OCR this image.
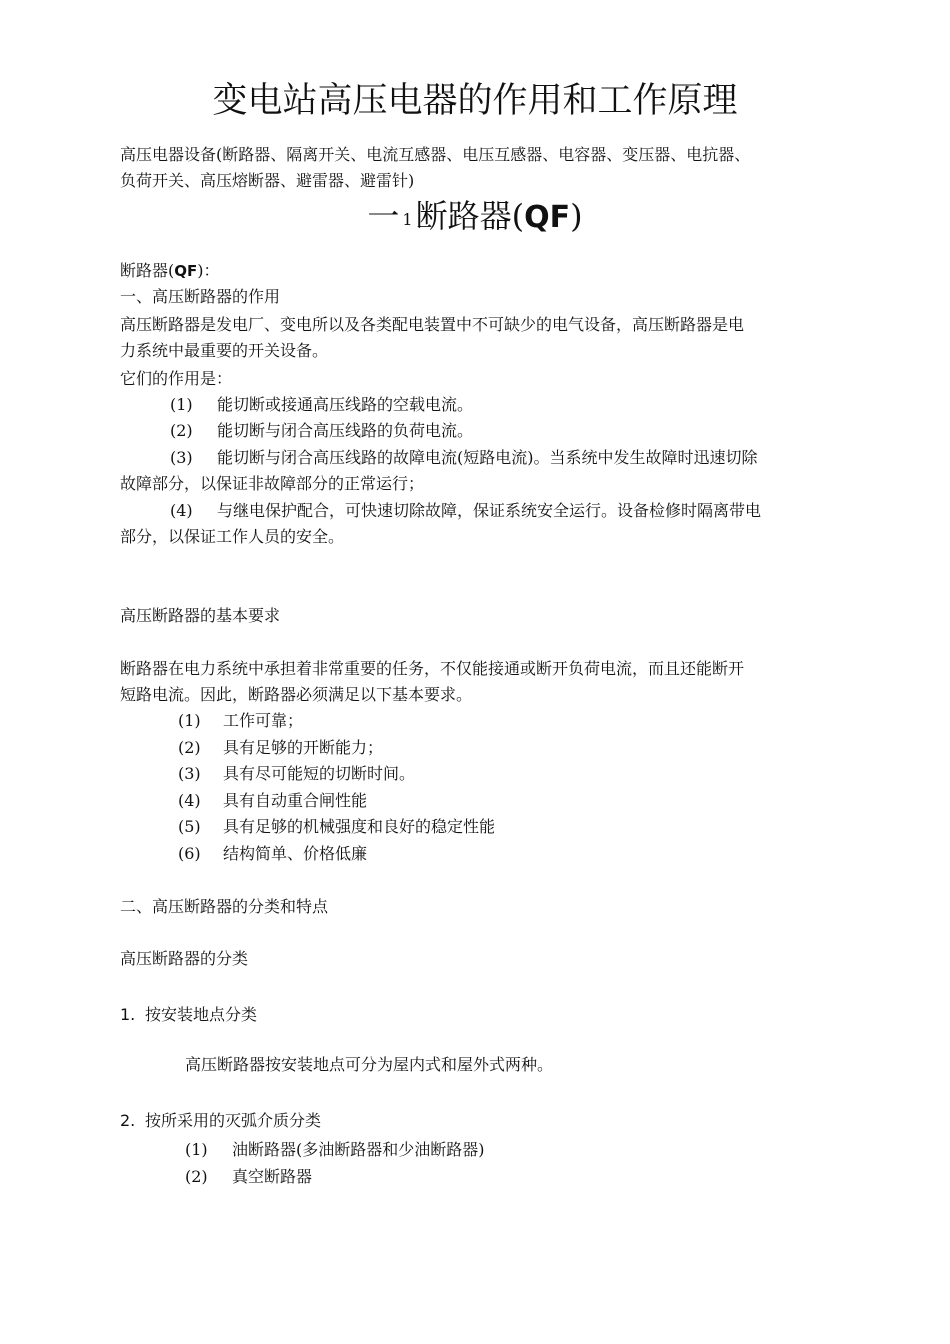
变电站高压电器的作用和工作原理
高压电器设备(断路器、隔离开关、电流互感器、电压互感器、电容器、变压器、电抗器、
负荷开关、高压熔断器、避雷器、避雷针)
一 $^1$断路器(QF)
断路器(QF)：
一、高压断路器的作用
高压断路器是发电厂、变电所以及各类配电装置中不可缺少的电气设备，高压断路器是电
力系统中最重要的开关设备。
它们的作用是：
(1) 能切断或接通高压线路的空载电流。
(2) 能切断与闭合高压线路的负荷电流。
(3) 能切断与闭合高压线路的故障电流(短路电流)。当系统中发生故障时迅速切除
故障部分，以保证非故障部分的正常运行；
(4) 与继电保护配合，可快速切除故障，保证系统安全运行。设备检修时隔离带电
部分，以保证工作人员的安全。
高压断路器的基本要求
断路器在电力系统中承担着非常重要的任务，不仅能接通或断开负荷电流，而且还能断开
短路电流。因此，断路器必须满足以下基本要求。
(1) 工作可靠；
(2) 具有足够的开断能力；
(3) 具有尽可能短的切断时间。
(4) 具有自动重合闸性能
(5) 具有足够的机械强度和良好的稳定性能
(6) 结构简单、价格低廉
二、高压断路器的分类和特点
高压断路器的分类
1. 按安装地点分类
高压断路器按安装地点可分为屋内式和屋外式两种。
2. 按所采用的灭弧介质分类
(1) 油断路器(多油断路器和少油断路器)
(2) 真空断路器
